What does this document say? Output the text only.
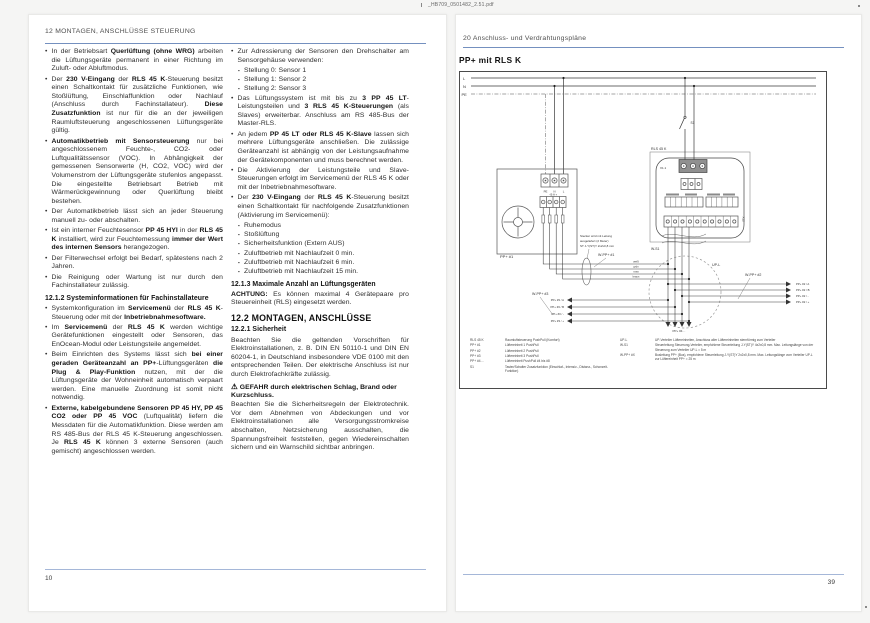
_HB709_0501482_2.51.pdf
12 MONTAGEN, ANSCHLÜSSE STEUERUNG
• In der Betriebsart Querlüftung (ohne WRG) arbeiten die Lüftungsgeräte permanent in einer Richtung im Zuluft- oder Abluftmodus.
• Der 230 V-Eingang der RLS 45 K-Steuerung besitzt einen Schaltkontakt für zusätzliche Funktionen, wie Stoßlüftung, Einschlaffunktion oder Nachlauf (Anschluss durch Fachinstallateur). Diese Zusatzfunktion ist nur für die an der jeweiligen Raumluftsteuerung angeschlossenen Lüftungsgeräte gültig.
• Automatikbetrieb mit Sensorsteuerung nur bei angeschlossenem Feuchte-, CO2- oder Luftqualitätssensor (VOC). In Abhängigkeit der gemessenen Sensorwerte (H, CO2, VOC) wird der Volumenstrom der Lüftungsgeräte stufenlos angepasst. Die eingestellte Betriebsart Betrieb mit Wärmerückgewinnung oder Querlüftung bleibt bestehen.
• Der Automatikbetrieb lässt sich an jeder Steuerung manuell zu- oder abschalten.
• Ist ein interner Feuchtesensor PP 45 HYI in der RLS 45 K installiert, wird zur Feuchtemessung immer der Wert des internen Sensors herangezogen.
• Der Filterwechsel erfolgt bei Bedarf, spätestens nach 2 Jahren.
• Die Reinigung oder Wartung ist nur durch den Fachinstallateur zulässig.
12.1.2 Systeminformationen für Fachinstallateure
• Systemkonfiguration im Servicemenü der RLS 45 K-Steuerung oder mit der Inbetriebnahmesoftware.
• Im Servicemenü der RLS 45 K werden wichtige Gerätefunktionen eingestellt oder Sensoren, das EnOcean-Modul oder Leistungsteile angemeldet.
• Beim Einrichten des Systems lässt sich bei einer geraden Geräteanzahl an PP+-Lüftungsgeräten die Plug & Play-Funktion nutzen, mit der die Lüftungsgeräte der Wohneinheit automatisch verpaart werden. Eine manuelle Zuordnung ist somit nicht notwendig.
• Externe, kabelgebundene Sensoren PP 45 HY, PP 45 CO2 oder PP 45 VOC (Luftqualität) liefern die Messdaten für die Automatikfunktion. Diese werden am RS 485-Bus der RLS 45 K-Steuerung angeschlossen. Je RLS 45 K können 3 externe Sensoren (auch gemischt) angeschlossen werden.
• Zur Adressierung der Sensoren den Drehschalter am Sensorgehäuse verwenden:
▪ Stellung 0: Sensor 1
▪ Stellung 1: Sensor 2
▪ Stellung 2: Sensor 3
• Das Lüftungssystem ist mit bis zu 3 PP 45 LT-Leistungsteilen und 3 RLS 45 K-Steuerungen (als Slaves) erweiterbar. Anschluss am RS 485-Bus der Master-RLS.
• An jedem PP 45 LT oder RLS 45 K-Slave lassen sich mehrere Lüftungsgeräte anschließen. Die zulässige Geräteanzahl ist abhängig von der Leistungsaufnahme der Gerätekomponenten und muss berechnet werden.
• Die Aktivierung der Leistungsteile und Slave-Steuerungen erfolgt im Servicemenü der RLS 45 K oder mit der Inbetriebnahmesoftware.
• Der 230 V-Eingang der RLS 45 K-Steuerung besitzt einen Schaltkontakt für nachfolgende Zusatzfunktionen (Aktivierung im Servicemenü):
▪ Ruhemodus
▪ Stoßlüftung
▪ Sicherheitsfunktion (Extern AUS)
▪ Zuluftbetrieb mit Nachlaufzeit 0 min.
▪ Zuluftbetrieb mit Nachlaufzeit 6 min.
▪ Zuluftbetrieb mit Nachlaufzeit 15 min.
12.1.3 Maximale Anzahl an Lüftungsgeräten

ACHTUNG: Es können maximal 4 Gerätepaare pro Steuereinheit (RLS) eingesetzt werden.

12.2 MONTAGEN, ANSCHLÜSSE
12.2.1 Sicherheit

Beachten Sie die geltenden Vorschriften für Elektroinstallationen, z. B. DIN EN 50110-1 und DIN EN 60204-1, in Deutschland insbesondere VDE 0100 mit den entsprechenden Teilen. Der elektrische Anschluss ist nur durch Elektrofachkräfte zulässig.

⚠ GEFAHR durch elektrischen Schlag, Brand oder Kurzschluss.

Beachten Sie die Sicherheitsregeln der Elektrotechnik. Vor dem Abnehmen von Abdeckungen und vor Elektroinstallationen alle Versorgungsstromkreise abschalten, Netzsicherung ausschalten, die Spannungsfreiheit feststellen, gegen Wiedereinschalten sichern und ein Warnschild sichtbar anbringen.

10
20 Anschluss- und Verdrahtungspläne
PP+ mit RLS K
L
N
PE
PE N	L
- B A +
PP+ #1
Stecker wird mit Leitung
ausgeliefert (2 Meter)
ST J-Y(ST)Y 2x2x0,8 mm
W-PP+ #1
weiß
grün
rosa
braun
RLS 45 K
X1.1
X12
S1
W-S1
UP-L
PP+ #4…
PP+ #2 / A
PP+ #2 / B
PP+ #2 / -
PP+ #2 / +
W-PP+ #2
PP+ #3 / A
PP+ #3 / B
PP+ #3 / -
PP+ #3 / +
W-PP+ #3
RLS 45 K	Raumluftsteuerung PushPull (Komfort)
PP+ #1	Lüftereinheit 1 PushPull
PP+ #2	Lüftereinheit 2 PushPull
PP+ #3	Lüftereinheit 3 PushPull
PP+ #4…	Lüftereinheit PushPull #4 bis #8
S1	Taster/Schalter Zusatzfunktion (Einschlaf-, Intensiv-, Distanz-, Schonzeit-Funktion)
UP-L	UP-Verteiler Lüftereinheiten, Anschluss aller Lüftereinheiten sternförmig zum Verteiler
W-S1	Steuerleitung Steuerung-Verteiler, empfohlene Steuerleitung J-Y(ST)Y 4x2x0,8 mm. Max. Leitungslänge von der Steuerung zum Verteiler UP-L = 5 m
W-PP+ #X	Busleitung PP+ (Bus), empfohlene Steuerleitung J-Y(ST)Y 2x2x0,8 mm. Max. Leitungslänge vom Verteiler UP-L zur Lüftereinheit PP+ = 25 m
39
